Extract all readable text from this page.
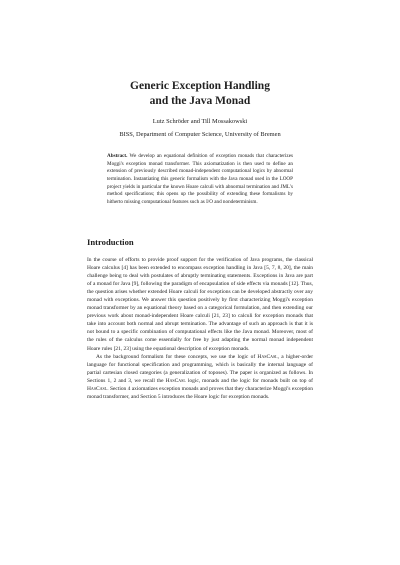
Generic Exception Handling
and the Java Monad
Lutz Schröder and Till Mossakowski
BISS, Department of Computer Science, University of Bremen

Abstract. We develop an equational definition of exception monads that characterizes Moggi's exception monad transformer. This axiomatization is then used to define an extension of previously described monad-independent computational logics by abnormal termination. Instantiating this generic formalism with the Java monad used in the LOOP project yields in particular the known Hoare calculi with abnormal termination and JML's method specifications; this opens up the possibility of extending these formalisms by hitherto missing computational features such as I/O and nondeterminism.

Introduction

In the course of efforts to provide proof support for the verification of Java programs, the classical Hoare calculus [4] has been extended to encompass exception handling in Java [5, 7, 8, 20], the main challenge being to deal with postulates of abruptly terminating statements. Exceptions in Java are part of a monad for Java [9], following the paradigm of encapsulation of side effects via monads [12]. Thus, the question arises whether extended Hoare calculi for exceptions can be developed abstractly over any monad with exceptions. We answer this question positively by first characterizing Moggi's exception monad transformer by an equational theory based on a categorical formulation, and then extending our previous work about monad-independent Hoare calculi [21, 23] to calculi for exception monads that take into account both normal and abrupt termination. The advantage of such an approach is that it is not bound to a specific combination of computational effects like the Java monad. Moreover, most of the rules of the calculus come essentially for free by just adapting the normal monad independent Hoare rules [21, 23] using the equational description of exception monads.

As the background formalism for these concepts, we use the logic of HasCasl, a higher-order language for functional specification and programming, which is basically the internal language of partial cartesian closed categories (a generalization of toposes). The paper is organized as follows. In Sections 1, 2 and 3, we recall the HasCasl logic, monads and the logic for monads built on top of HasCasl. Section 4 axiomatizes exception monads and proves that they characterize Moggi's exception monad transformer, and Section 5 introduces the Hoare logic for exception monads.
